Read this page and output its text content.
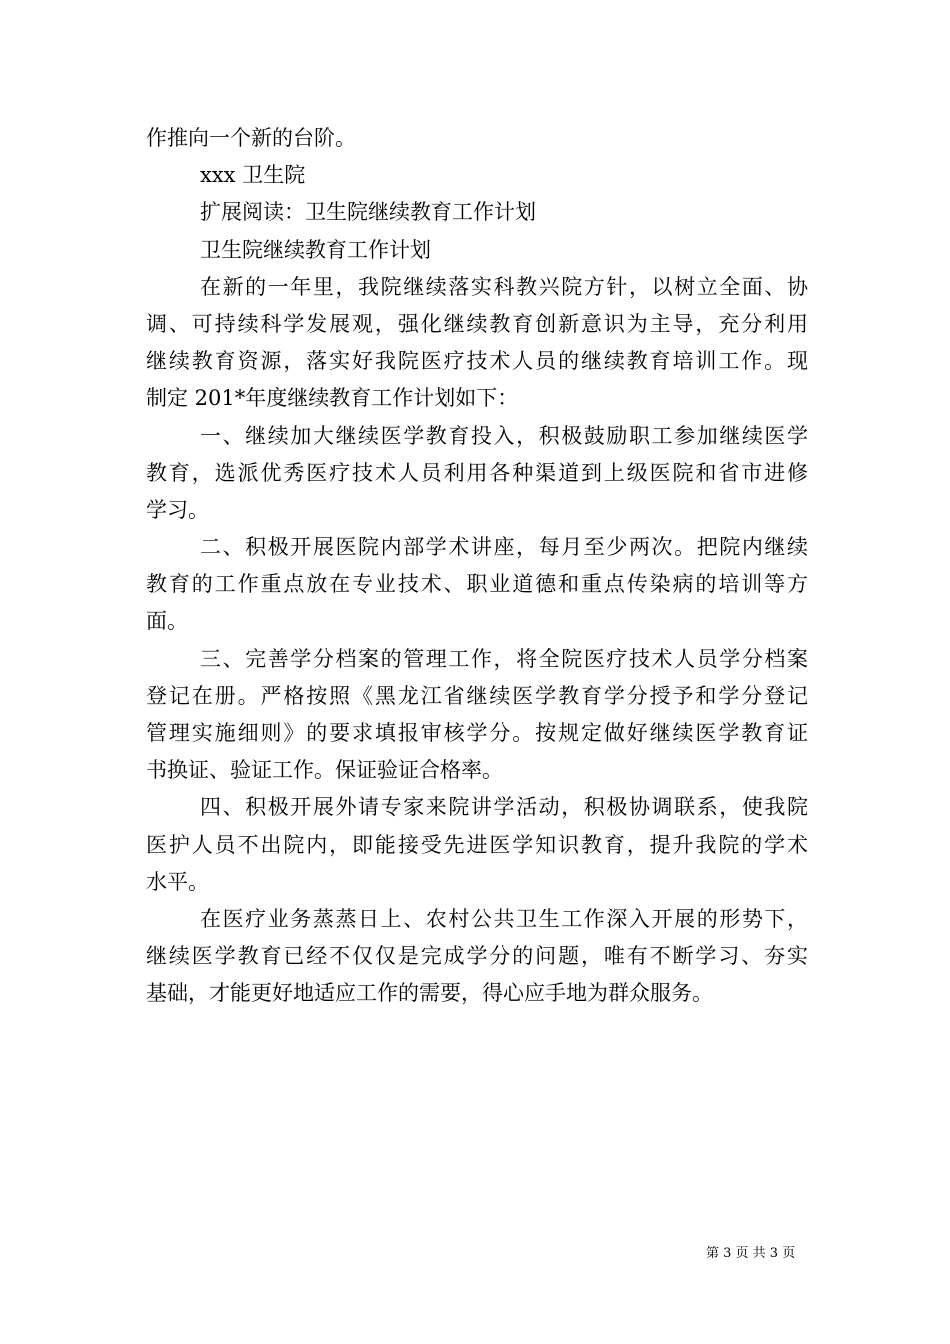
作推向一个新的台阶。
xxx 卫生院
扩展阅读：卫生院继续教育工作计划
卫生院继续教育工作计划
在新的一年里，我院继续落实科教兴院方针，以树立全面、协
调、可持续科学发展观，强化继续教育创新意识为主导，充分利用
继续教育资源，落实好我院医疗技术人员的继续教育培训工作。现
制定 201*年度继续教育工作计划如下：
一、继续加大继续医学教育投入，积极鼓励职工参加继续医学
教育，选派优秀医疗技术人员利用各种渠道到上级医院和省市进修
学习。
二、积极开展医院内部学术讲座，每月至少两次。把院内继续
教育的工作重点放在专业技术、职业道德和重点传染病的培训等方
面。
三、完善学分档案的管理工作，将全院医疗技术人员学分档案
登记在册。严格按照《黑龙江省继续医学教育学分授予和学分登记
管理实施细则》的要求填报审核学分。按规定做好继续医学教育证
书换证、验证工作。保证验证合格率。
四、积极开展外请专家来院讲学活动，积极协调联系，使我院
医护人员不出院内，即能接受先进医学知识教育，提升我院的学术
水平。
在医疗业务蒸蒸日上、农村公共卫生工作深入开展的形势下，
继续医学教育已经不仅仅是完成学分的问题，唯有不断学习、夯实
基础，才能更好地适应工作的需要，得心应手地为群众服务。
第 3 页 共 3 页
